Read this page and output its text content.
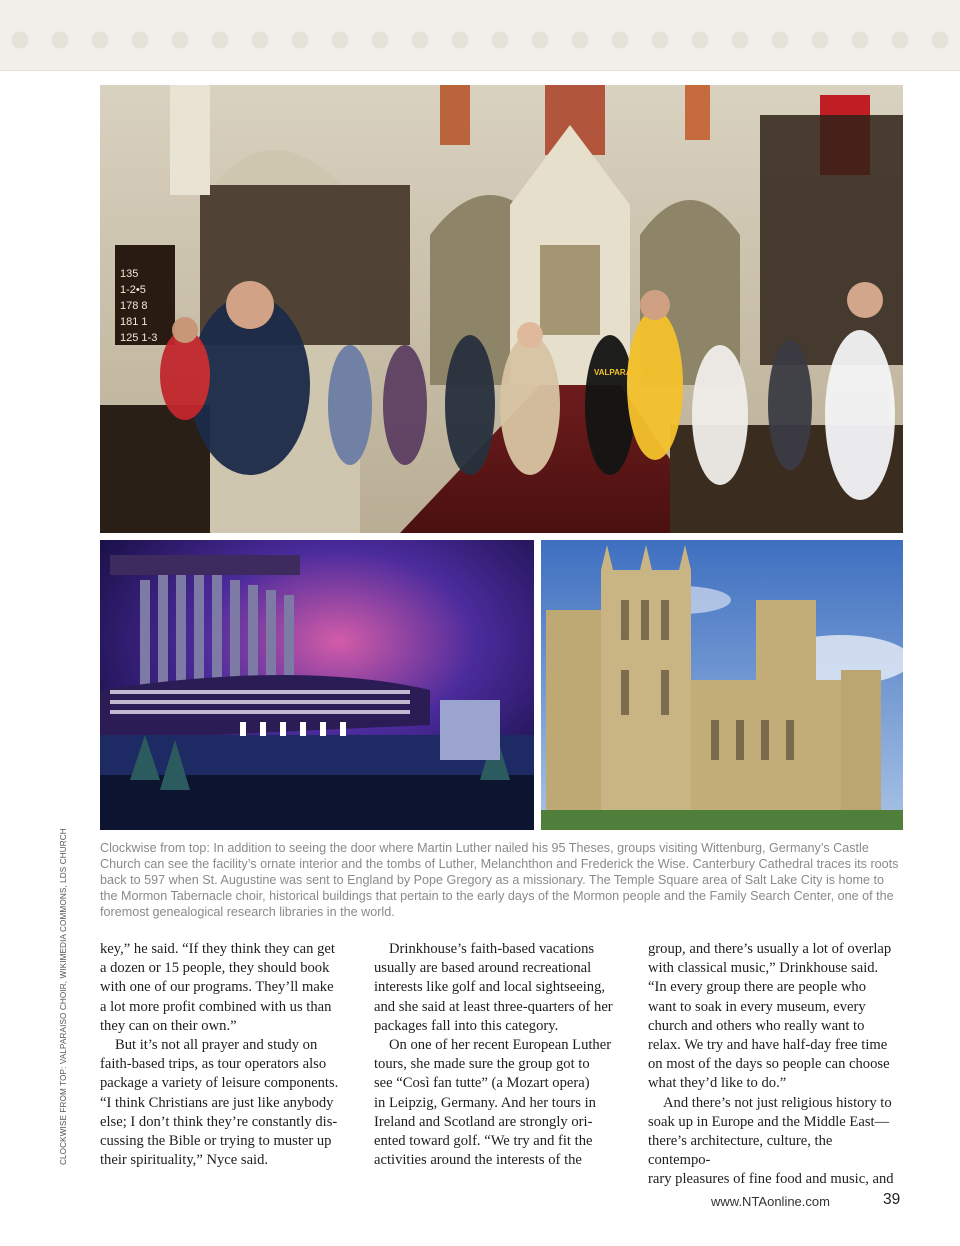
135
1-2•5
178 8
181 1
125 1-3
VALPARAISO
Clockwise from top: In addition to seeing the door where Martin Luther nailed his 95 Theses, groups visiting Wittenburg, Germany’s Castle Church can see the facility’s ornate interior and the tombs of Luther, Melanchthon and Frederick the Wise. Canterbury Cathedral traces its roots back to 597 when St. Augustine was sent to England by Pope Gregory as a missionary. The Temple Square area of Salt Lake City is home to the Mormon Tabernacle choir, historical buildings that pertain to the early days of the Mormon people and the Family Search Center, one of the foremost genealogical research libraries in the world.
CLOCKWISE FROM TOP: VALPARAISO CHOIR, WIKIMEDIA COMMONS, LDS CHURCH key,” he said. “If they think they can get
a dozen or 15 people, they should book
with one of our programs. They’ll make
a lot more profit combined with us than
they can on their own.”

But it’s not all prayer and study on
faith-based trips, as tour operators also
package a variety of leisure components.
“I think Christians are just like anybody
else; I don’t think they’re constantly dis-
cussing the Bible or trying to muster up
their spirituality,” Nyce said.

Drinkhouse’s faith-based vacations
usually are based around recreational
interests like golf and local sightseeing,
and she said at least three-quarters of her
packages fall into this category.

On one of her recent European Luther
tours, she made sure the group got to
see “Così fan tutte” (a Mozart opera)
in Leipzig, Germany. And her tours in
Ireland and Scotland are strongly ori-
ented toward golf. “We try and fit the
activities around the interests of the

group, and there’s usually a lot of overlap
with classical music,” Drinkhouse said.
“In every group there are people who
want to soak in every museum, every
church and others who really want to
relax. We try and have half-day free time
on most of the days so people can choose
what they’d like to do.”

And there’s not just religious history to
soak up in Europe and the Middle East—
there’s architecture, culture, the contempo-
rary pleasures of fine food and music, and

www.NTAonline.com	39
